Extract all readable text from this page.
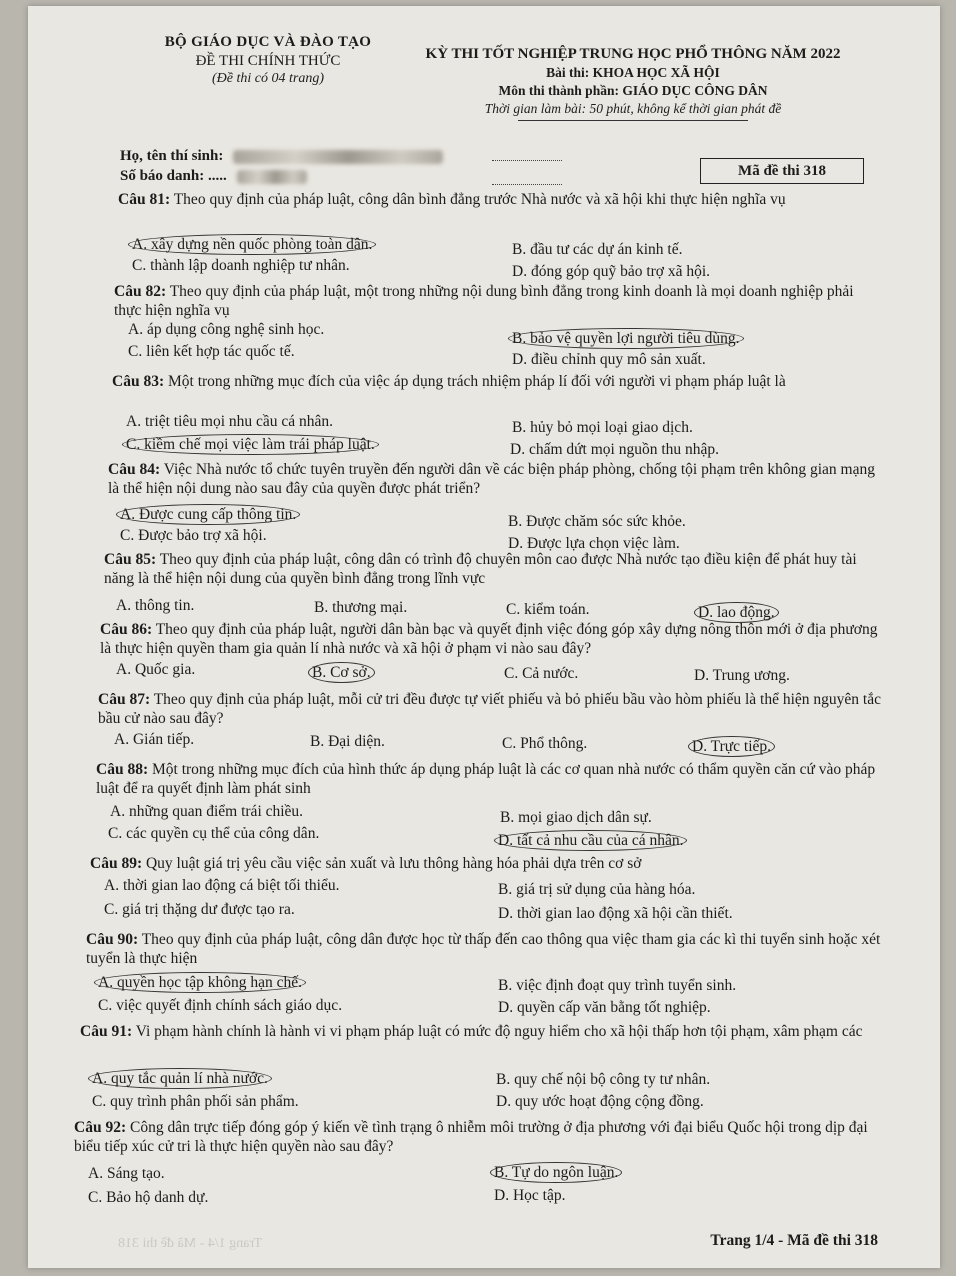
BỘ GIÁO DỤC VÀ ĐÀO TẠO
ĐỀ THI CHÍNH THỨC
(Đề thi có 04 trang)
KỲ THI TỐT NGHIỆP TRUNG HỌC PHỔ THÔNG NĂM 2022
Bài thi: KHOA HỌC XÃ HỘI
Môn thi thành phần: GIÁO DỤC CÔNG DÂN
Thời gian làm bài: 50 phút, không kể thời gian phát đề
Họ, tên thí sinh:
Số báo danh: .....	Mã đề thi 318

Câu 81: Theo quy định của pháp luật, công dân bình đẳng trước Nhà nước và xã hội khi thực hiện nghĩa vụ

A. xây dựng nền quốc phòng toàn dân.	B. đầu tư các dự án kinh tế.
C. thành lập doanh nghiệp tư nhân.	D. đóng góp quỹ bảo trợ xã hội.

Câu 82: Theo quy định của pháp luật, một trong những nội dung bình đẳng trong kinh doanh là mọi doanh nghiệp phải thực hiện nghĩa vụ

A. áp dụng công nghệ sinh học.
B. bảo vệ quyền lợi người tiêu dùng.
C. liên kết hợp tác quốc tế.	D. điều chỉnh quy mô sản xuất.

Câu 83: Một trong những mục đích của việc áp dụng trách nhiệm pháp lí đối với người vi phạm pháp luật là

A. triệt tiêu mọi nhu cầu cá nhân.	B. hủy bỏ mọi loại giao dịch.
C. kiềm chế mọi việc làm trái pháp luật.	D. chấm dứt mọi nguồn thu nhập.

Câu 84: Việc Nhà nước tổ chức tuyên truyền đến người dân về các biện pháp phòng, chống tội phạm trên không gian mạng là thể hiện nội dung nào sau đây của quyền được phát triển?

A. Được cung cấp thông tin.	B. Được chăm sóc sức khỏe.
C. Được bảo trợ xã hội.	D. Được lựa chọn việc làm.

Câu 85: Theo quy định của pháp luật, công dân có trình độ chuyên môn cao được Nhà nước tạo điều kiện để phát huy tài năng là thể hiện nội dung của quyền bình đẳng trong lĩnh vực

A. thông tin.	B. thương mại.	C. kiểm toán.	D. lao động.

Câu 86: Theo quy định của pháp luật, người dân bàn bạc và quyết định việc đóng góp xây dựng nông thôn mới ở địa phương là thực hiện quyền tham gia quản lí nhà nước và xã hội ở phạm vi nào sau đây?

A. Quốc gia.	B. Cơ sở.	C. Cả nước.	D. Trung ương.

Câu 87: Theo quy định của pháp luật, mỗi cử tri đều được tự viết phiếu và bỏ phiếu bầu vào hòm phiếu là thể hiện nguyên tắc bầu cử nào sau đây?

A. Gián tiếp.	B. Đại diện.	C. Phổ thông.	D. Trực tiếp.

Câu 88: Một trong những mục đích của hình thức áp dụng pháp luật là các cơ quan nhà nước có thẩm quyền căn cứ vào pháp luật để ra quyết định làm phát sinh

A. những quan điểm trái chiều.	B. mọi giao dịch dân sự.
C. các quyền cụ thể của công dân.	D. tất cả nhu cầu của cá nhân.

Câu 89: Quy luật giá trị yêu cầu việc sản xuất và lưu thông hàng hóa phải dựa trên cơ sở

A. thời gian lao động cá biệt tối thiểu.	B. giá trị sử dụng của hàng hóa.
C. giá trị thặng dư được tạo ra.	D. thời gian lao động xã hội cần thiết.

Câu 90: Theo quy định của pháp luật, công dân được học từ thấp đến cao thông qua việc tham gia các kì thi tuyển sinh hoặc xét tuyển là thực hiện

A. quyền học tập không hạn chế.	B. việc định đoạt quy trình tuyển sinh.
C. việc quyết định chính sách giáo dục.	D. quyền cấp văn bằng tốt nghiệp.

Câu 91: Vi phạm hành chính là hành vi vi phạm pháp luật có mức độ nguy hiểm cho xã hội thấp hơn tội phạm, xâm phạm các

A. quy tắc quản lí nhà nước.	B. quy chế nội bộ công ty tư nhân.
C. quy trình phân phối sản phẩm.	D. quy ước hoạt động cộng đồng.

Câu 92: Công dân trực tiếp đóng góp ý kiến về tình trạng ô nhiễm môi trường ở địa phương với đại biểu Quốc hội trong dịp đại biểu tiếp xúc cử tri là thực hiện quyền nào sau đây?

A. Sáng tạo.	B. Tự do ngôn luận.
C. Bảo hộ danh dự.	D. Học tập.
Trang 1/4 - Mã đề thi 318	Trang 1/4 - Mã đề thi 318
